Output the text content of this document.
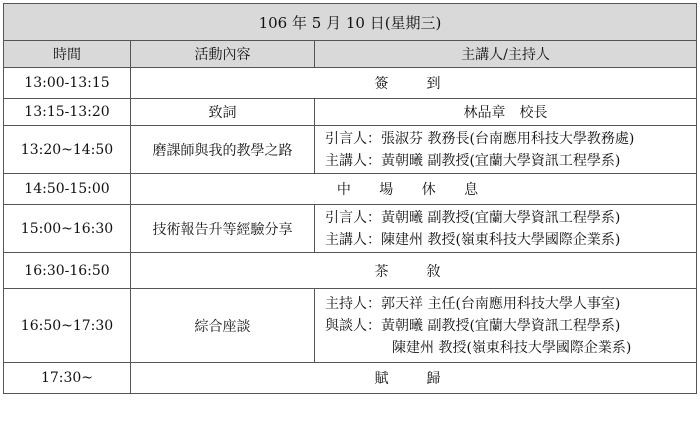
106 年 5 月 10 日(星期三)		
時間	活動內容	主講人/主持人
13:00-13:15	簽　到	
13:15-13:20	致詞	林品章　校長
13:20~14:50	磨課師與我的教學之路	引言人：張淑芬 教務長(台南應用科技大學教務處)
主講人：黃朝曦 副教授(宜蘭大學資訊工程學系)

14:50-15:00	中 場 休 息	
15:00~16:30	技術報告升等經驗分享	引言人：黃朝曦 副教授(宜蘭大學資訊工程學系)
主講人：陳建州 教授(嶺東科技大學國際企業系)

16:30-16:50	茶　敘	
16:50~17:30	綜合座談	主持人：郭天祥 主任(台南應用科技大學人事室)
與談人：黃朝曦 副教授(宜蘭大學資訊工程學系)
陳建州 教授(嶺東科技大學國際企業系)

17:30~	賦　歸	
